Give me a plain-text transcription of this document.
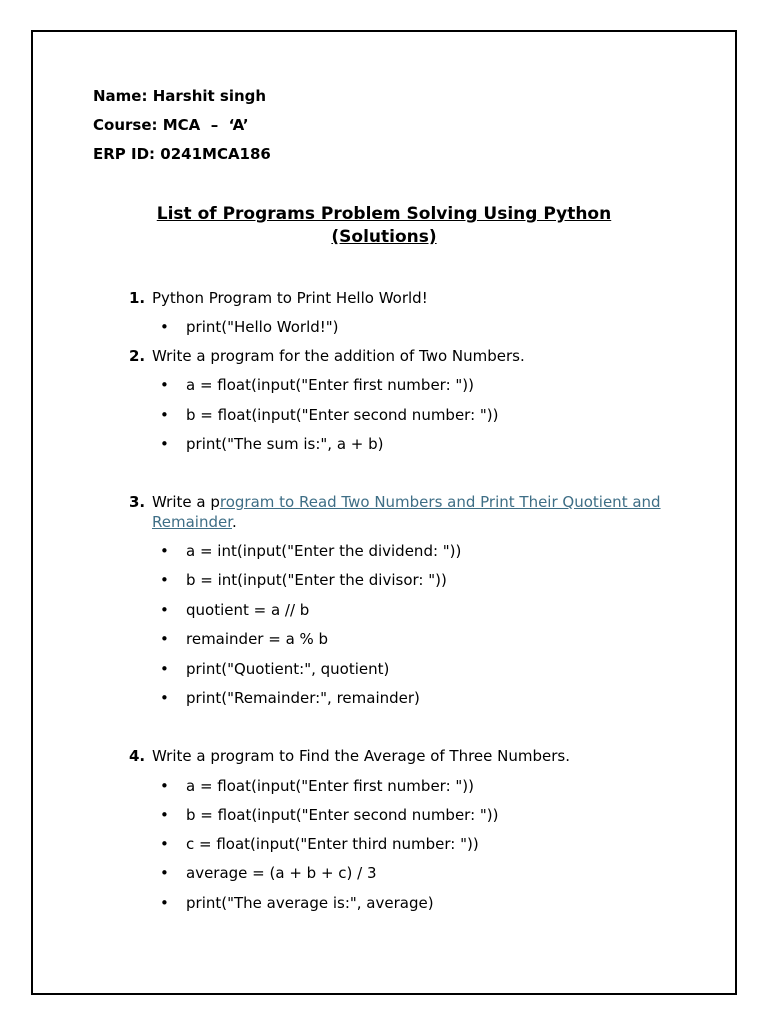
Name: Harshit singh
Course: MCA  –  ‘A’
ERP ID: 0241MCA186
List of Programs Problem Solving Using Python (Solutions)
1. Python Program to Print Hello World!
• print("Hello World!")
2. Write a program for the addition of Two Numbers.
• a = float(input("Enter first number: "))
• b = float(input("Enter second number: "))
• print("The sum is:", a + b)
3. Write a program to Read Two Numbers and Print Their Quotient and Remainder.
• a = int(input("Enter the dividend: "))
• b = int(input("Enter the divisor: "))
• quotient = a // b
• remainder = a % b
• print("Quotient:", quotient)
• print("Remainder:", remainder)
4. Write a program to Find the Average of Three Numbers.
• a = float(input("Enter first number: "))
• b = float(input("Enter second number: "))
• c = float(input("Enter third number: "))
• average = (a + b + c) / 3
• print("The average is:", average)
